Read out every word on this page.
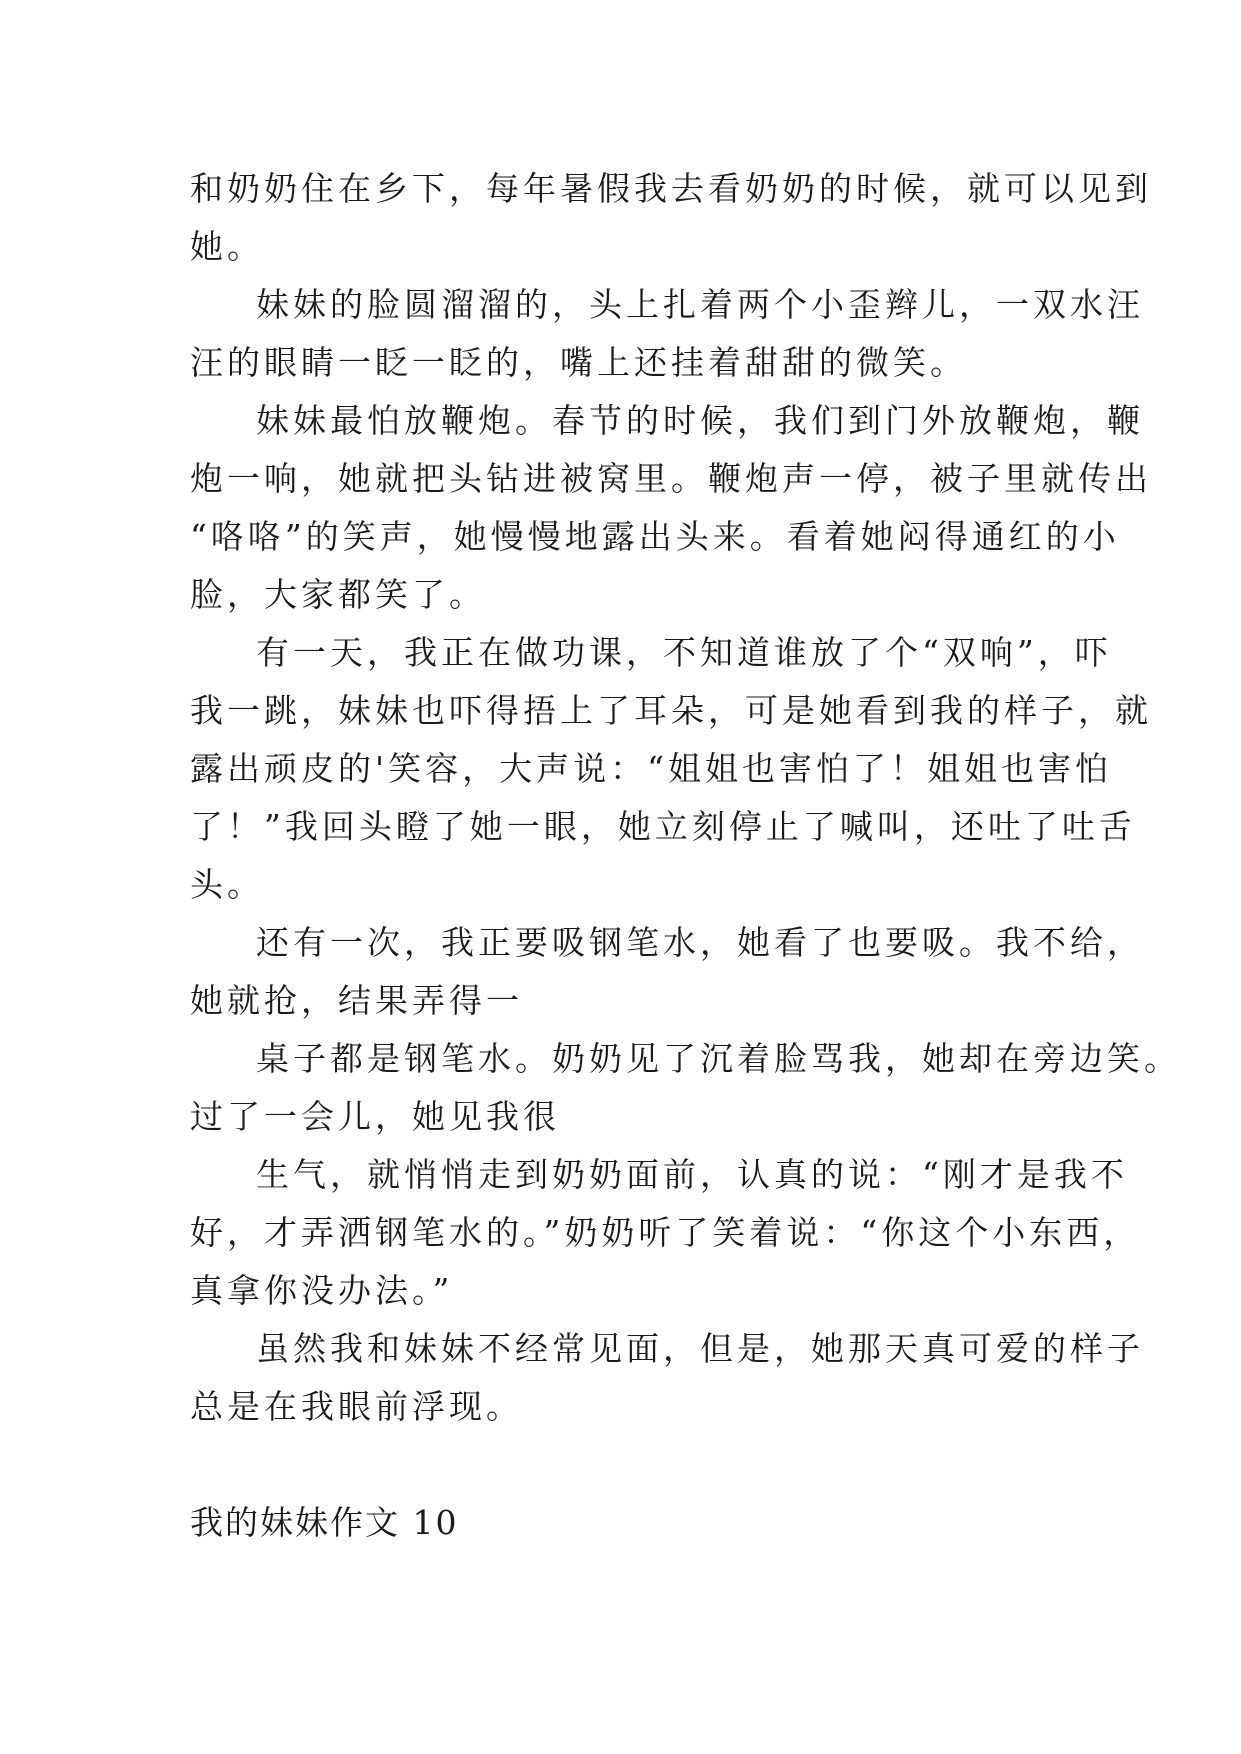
和奶奶住在乡下，每年暑假我去看奶奶的时候，就可以见到
她。
妹妹的脸圆溜溜的，头上扎着两个小歪辫儿，一双水汪
汪的眼睛一眨一眨的，嘴上还挂着甜甜的微笑。
妹妹最怕放鞭炮。春节的时候，我们到门外放鞭炮，鞭
炮一响，她就把头钻进被窝里。鞭炮声一停，被子里就传出
“咯咯”的笑声，她慢慢地露出头来。看着她闷得通红的小
脸，大家都笑了。
有一天，我正在做功课，不知道谁放了个“双响”，吓
我一跳，妹妹也吓得捂上了耳朵，可是她看到我的样子，就
露出顽皮的'笑容，大声说：“姐姐也害怕了！姐姐也害怕
了！”我回头瞪了她一眼，她立刻停止了喊叫，还吐了吐舌
头。
还有一次，我正要吸钢笔水，她看了也要吸。我不给，
她就抢，结果弄得一
桌子都是钢笔水。奶奶见了沉着脸骂我，她却在旁边笑。
过了一会儿，她见我很
生气，就悄悄走到奶奶面前，认真的说：“刚才是我不
好，才弄洒钢笔水的。”奶奶听了笑着说：“你这个小东西，
真拿你没办法。”
虽然我和妹妹不经常见面，但是，她那天真可爱的样子
总是在我眼前浮现。

我的妹妹作文 10
